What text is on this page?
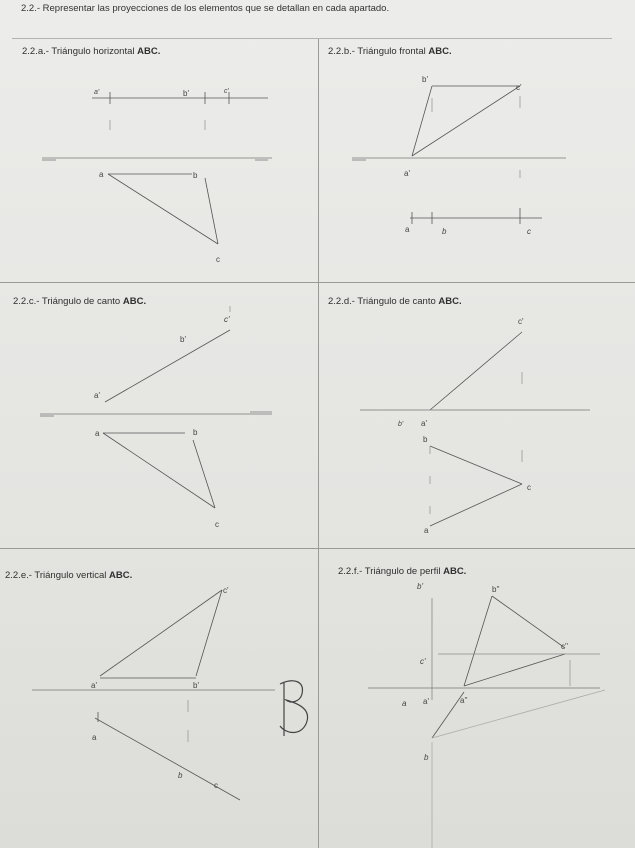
2.2.- Representar las proyecciones de los elementos que se detallan en cada apartado.
2.2.a.- Triángulo horizontal ABC.	2.2.b.- Triángulo frontal ABC.
2.2.c.- Triángulo de canto ABC.	2.2.d.- Triángulo de canto ABC.
2.2.e.- Triángulo vertical ABC.	2.2.f.- Triángulo de perfil ABC.
a'	b'	c'
a	b
c
b'
c'
a'
a	b	c
c'
b'
a'
a	b
c
c'
b' a'
b
c
a
c'
a'	b'
a
b
c
b'	b''
c''
c'
a a'	a''
b
